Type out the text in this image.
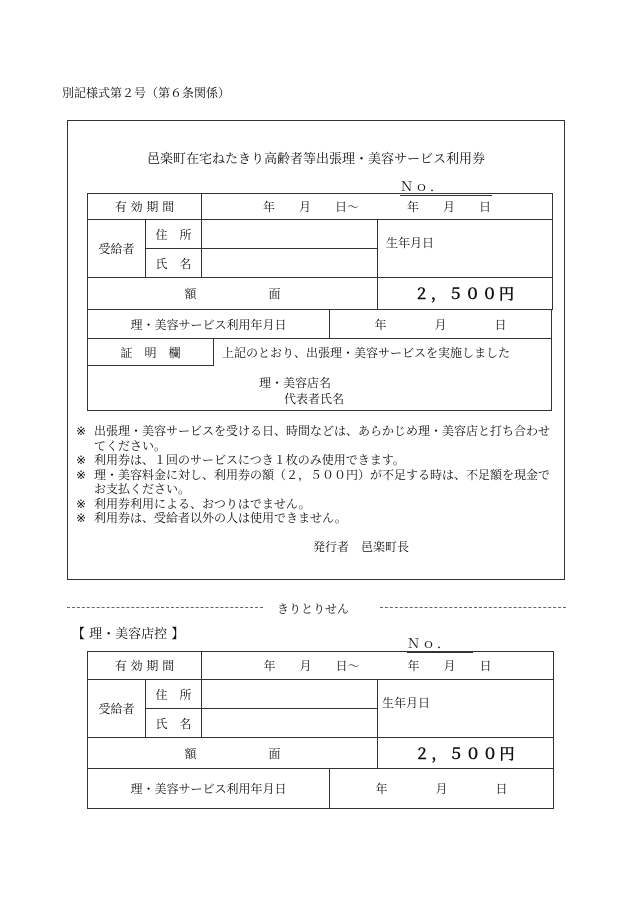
別記様式第２号（第６条関係）
邑楽町在宅ねたきり高齢者等出張理・美容サービス利用券
Ｎｏ．
有 効 期 間		年　　月　　日～　　　　年　　月　　日	
受給者	住　所		生年月日
	氏　名		
額　　　　　　面			２，５００円
理・美容サービス利用年月日	年　　　　月　　　　日
証　明　欄	上記のとおり、出張理・美容サービスを実施しました

理・美容店名
代表者氏名
※ 出張理・美容サービスを受ける日、時間などは、あらかじめ理・美容店と打ち合わせてください。
※ 利用券は、１回のサービスにつき１枚のみ使用できます。
※ 理・美容料金に対し、利用券の額（２，５００円）が不足する時は、不足額を現金でお支払ください。
※ 利用券利用による、おつりはでません。
※ 利用券は、受給者以外の人は使用できません。
発行者　邑楽町長
きりとりせん
【 理・美容店控 】
Ｎｏ．
有 効 期 間		年　　月　　日～　　　　年　　月　　日	
受給者	住　所		生年月日
	氏　名		
額　　　　　　面			２，５００円
理・美容サービス利用年月日	年　　　　月　　　　日
